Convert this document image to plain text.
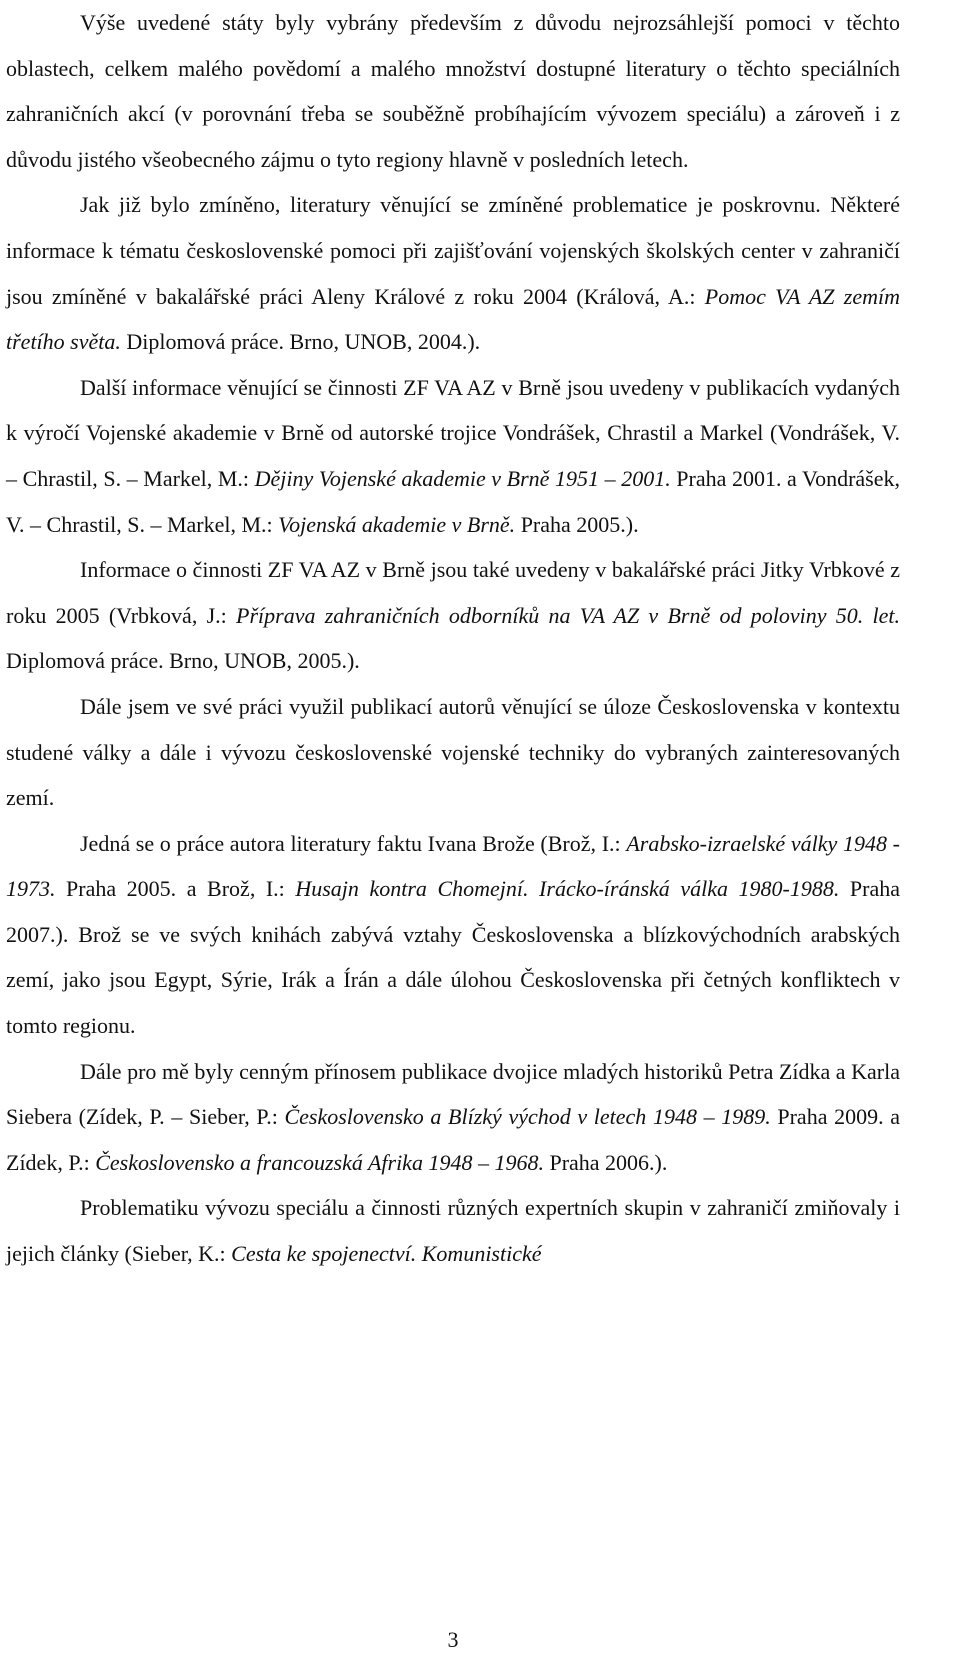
Výše uvedené státy byly vybrány především z důvodu nejrozsáhlejší pomoci v těchto oblastech, celkem malého povědomí a malého množství dostupné literatury o těchto speciálních zahraničních akcí (v porovnání třeba se souběžně probíhajícím vývozem speciálu) a zároveň i z důvodu jistého všeobecného zájmu o tyto regiony hlavně v posledních letech.

Jak již bylo zmíněno, literatury věnující se zmíněné problematice je poskrovnu. Některé informace k tématu československé pomoci při zajišťování vojenských školských center v zahraničí jsou zmíněné v bakalářské práci Aleny Králové z roku 2004 (Králová, A.: Pomoc VA AZ zemím třetího světa. Diplomová práce. Brno, UNOB, 2004.).

Další informace věnující se činnosti ZF VA AZ v Brně jsou uvedeny v publikacích vydaných k výročí Vojenské akademie v Brně od autorské trojice Vondrášek, Chrastil a Markel (Vondrášek, V. – Chrastil, S. – Markel, M.: Dějiny Vojenské akademie v Brně 1951 – 2001. Praha 2001. a Vondrášek, V. – Chrastil, S. – Markel, M.: Vojenská akademie v Brně. Praha 2005.).

Informace o činnosti ZF VA AZ v Brně jsou také uvedeny v bakalářské práci Jitky Vrbkové z roku 2005 (Vrbková, J.: Příprava zahraničních odborníků na VA AZ v Brně od poloviny 50. let. Diplomová práce. Brno, UNOB, 2005.).

Dále jsem ve své práci využil publikací autorů věnující se úloze Československa v kontextu studené války a dále i vývozu československé vojenské techniky do vybraných zainteresovaných zemí.

Jedná se o práce autora literatury faktu Ivana Brože (Brož, I.: Arabsko-izraelské války 1948 - 1973. Praha 2005. a Brož, I.: Husajn kontra Chomejní. Irácko-íránská válka 1980-1988. Praha 2007.). Brož se ve svých knihách zabývá vztahy Československa a blízkovýchodních arabských zemí, jako jsou Egypt, Sýrie, Irák a Írán a dále úlohou Československa při četných konfliktech v tomto regionu.

Dále pro mě byly cenným přínosem publikace dvojice mladých historiků Petra Zídka a Karla Siebera (Zídek, P. – Sieber, P.: Československo a Blízký východ v letech 1948 – 1989. Praha 2009. a Zídek, P.: Československo a francouzská Afrika 1948 – 1968. Praha 2006.).

Problematiku vývozu speciálu a činnosti různých expertních skupin v zahraničí zmiňovaly i jejich články (Sieber, K.: Cesta ke spojenectví. Komunistické

3
